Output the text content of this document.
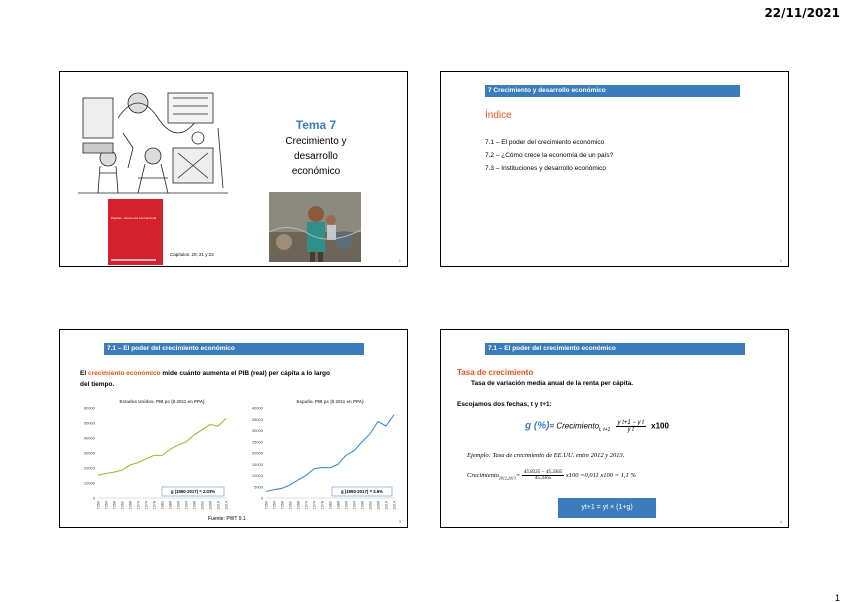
22/11/2021
Papeles · Economía Internacional
Capítulos: 20, 21 y 22
Tema 7
Crecimiento y
desarrollo
económico
1
7 Crecimiento y desarrollo económico
Índice
7.1 – El poder del crecimiento económico
7.2 – ¿Cómo crece la economía de un país?
7.3 – Instituciones y desarrollo económico
2
7.1 – El poder del crecimiento económico
El crecimiento económico mide cuánto aumenta el PIB (real) per cápita a lo largo
del tiempo.
Estados Unidos. PIB pc ($ 2011 en PPA)
0
10000
20000
30000
40000
50000
60000
1950 1954 1958 1962 1966 1970 1974 1978 1982 1986 1990 1994 1998 2002 2006 2010 2014
g (1950-2017) = 2.03%
España. PIB pc ($ 2011 en PPA)
0
5000
10000
15000
20000
25000
30000
35000
40000
1950 1954 1958 1962 1966 1970 1974 1978 1982 1986 1990 1994 1998 2002 2006 2010 2014
g (1950-2017) = 3.6%
Fuente: PWT 9.1	3
7.1 – El poder del crecimiento económico
Tasa de crecimiento
Tasa de variación media anual de la renta per cápita.
Escojamos dos fechas, t y t+1:
g (%)= Crecimiento$_{t, t+1}$ $\frac{\text{y t+1 − y t}}{\text{y t}} x100$
Ejemplo: Tasa de crecimiento de EE.UU. entre 2012 y 2013.
Crecimiento$_{2012,2013}$= $\frac{45.8335 - 45.3365}{45.3365} x100 =0,011$ x100 = 1,1 %
yt+1 = yt × (1+g)
4
1
